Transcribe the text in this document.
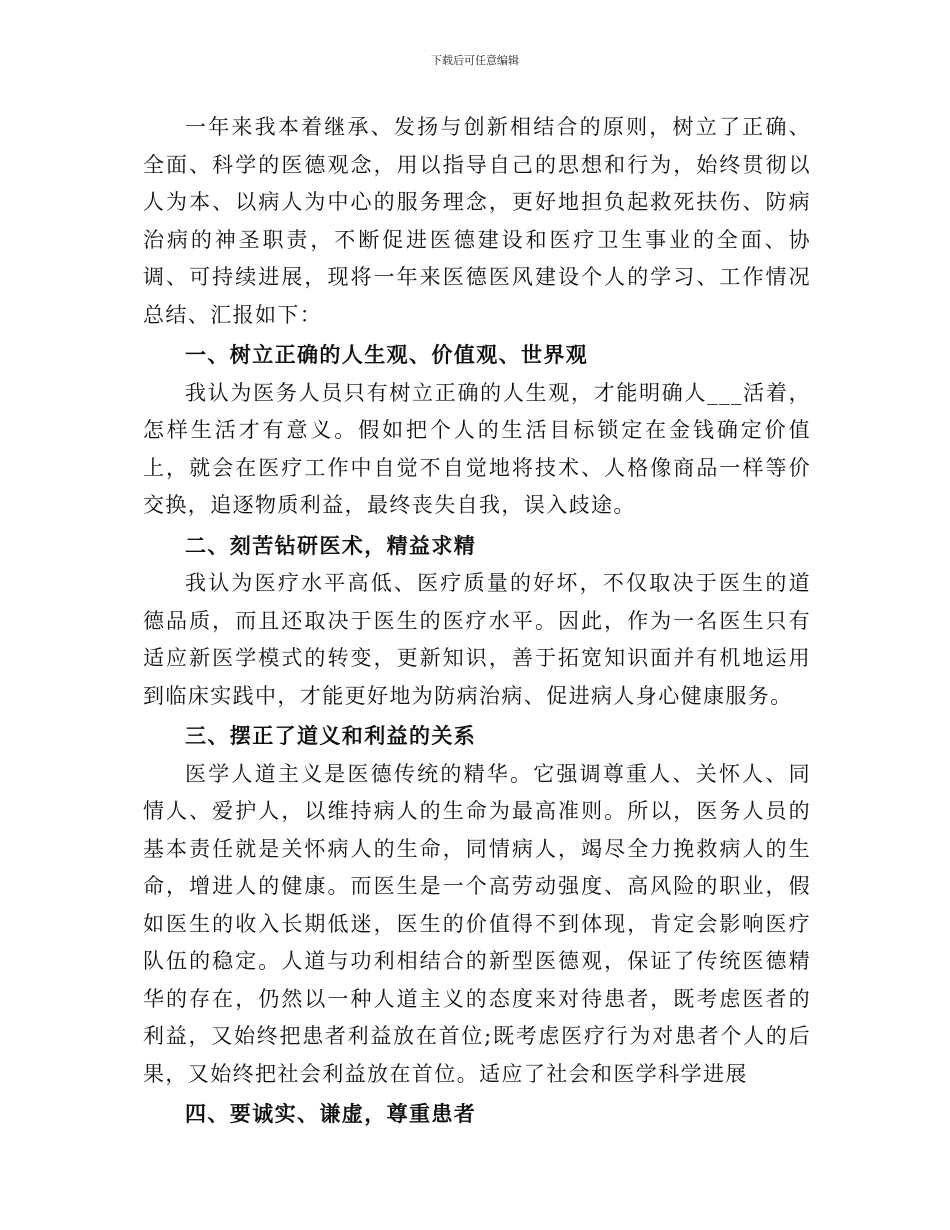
下载后可任意编辑

一年来我本着继承、发扬与创新相结合的原则，树立了正确、全面、科学的医德观念，用以指导自己的思想和行为，始终贯彻以人为本、以病人为中心的服务理念，更好地担负起救死扶伤、防病治病的神圣职责，不断促进医德建设和医疗卫生事业的全面、协调、可持续进展，现将一年来医德医风建设个人的学习、工作情况总结、汇报如下：

一、树立正确的人生观、价值观、世界观

我认为医务人员只有树立正确的人生观，才能明确人___活着，怎样生活才有意义。假如把个人的生活目标锁定在金钱确定价值上，就会在医疗工作中自觉不自觉地将技术、人格像商品一样等价交换，追逐物质利益，最终丧失自我，误入歧途。

二、刻苦钻研医术，精益求精

我认为医疗水平高低、医疗质量的好坏，不仅取决于医生的道德品质，而且还取决于医生的医疗水平。因此，作为一名医生只有适应新医学模式的转变，更新知识，善于拓宽知识面并有机地运用到临床实践中，才能更好地为防病治病、促进病人身心健康服务。

三、摆正了道义和利益的关系

医学人道主义是医德传统的精华。它强调尊重人、关怀人、同情人、爱护人，以维持病人的生命为最高准则。所以，医务人员的基本责任就是关怀病人的生命，同情病人，竭尽全力挽救病人的生命，增进人的健康。而医生是一个高劳动强度、高风险的职业，假如医生的收入长期低迷，医生的价值得不到体现，肯定会影响医疗队伍的稳定。人道与功利相结合的新型医德观，保证了传统医德精华的存在，仍然以一种人道主义的态度来对待患者，既考虑医者的利益，又始终把患者利益放在首位;既考虑医疗行为对患者个人的后果，又始终把社会利益放在首位。适应了社会和医学科学进展

四、要诚实、谦虚，尊重患者
